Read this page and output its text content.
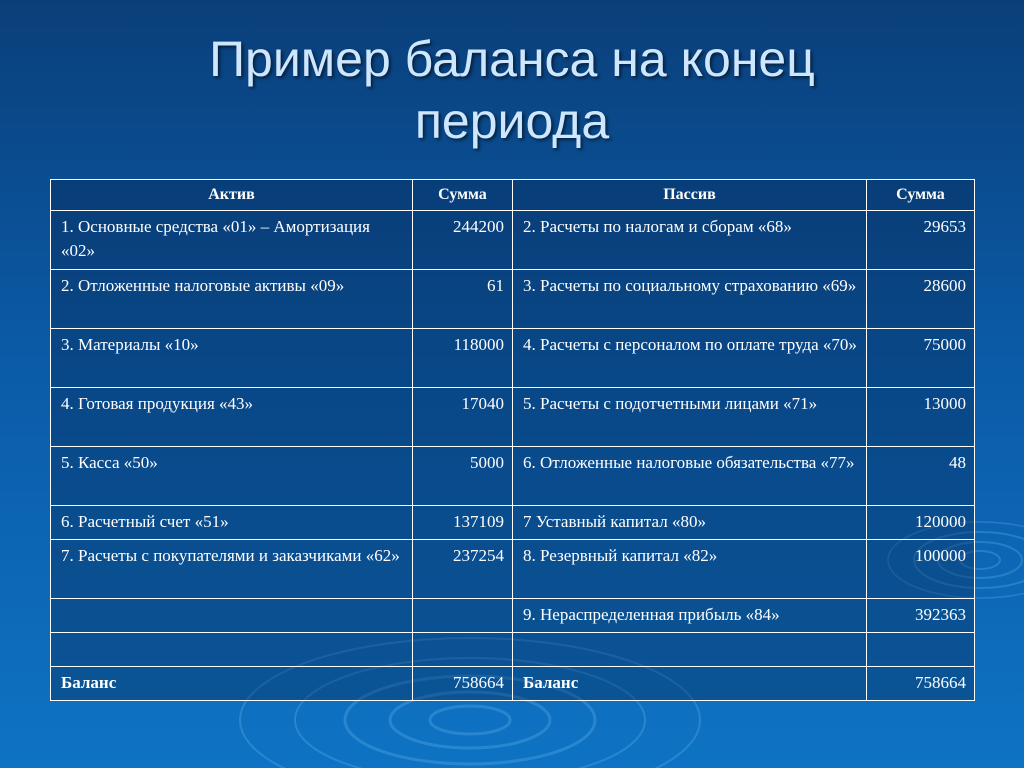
Пример баланса на конец
периода
Актив	Сумма	Пассив	Сумма
1. Основные средства «01» – Амортизация «02»	244200	2. Расчеты по налогам и сборам «68»	29653
2. Отложенные налоговые активы «09»	61	3. Расчеты по социальному страхованию «69»	28600
3. Материалы «10»	118000	4. Расчеты с персоналом по оплате труда «70»	75000
4. Готовая продукция «43»	17040	5. Расчеты с подотчетными лицами «71»	13000
5. Касса «50»	5000	6. Отложенные налоговые обязательства «77»	48
6. Расчетный счет «51»	137109	7 Уставный капитал «80»	120000
7. Расчеты с покупателями и заказчиками «62»	237254	8. Резервный капитал «82»	100000
		9. Нераспределенная прибыль «84»	392363

Баланс	758664	Баланс	758664
